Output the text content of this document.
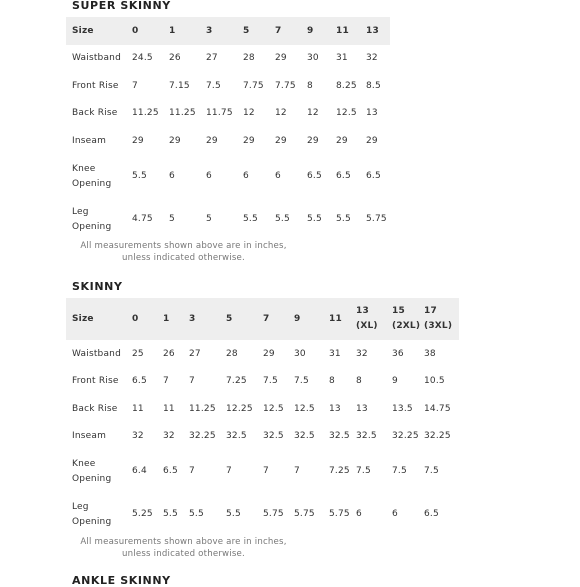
SUPER SKINNY
Size	0	1	3	5	7	9	11	13
Waistband	24.5	26	27	28	29	30	31	32
Front Rise	7	7.15	7.5	7.75	7.75	8	8.25	8.5
Back Rise	11.25	11.25	11.75	12	12	12	12.5	13
Inseam	29	29	29	29	29	29	29	29
Knee Opening	5.5	6	6	6	6	6.5	6.5	6.5
Leg Opening	4.75	5	5	5.5	5.5	5.5	5.5	5.75
All measurements shown above are in inches,
unless indicated otherwise.
SKINNY
Size	0	1	3	5	7	9	11	13 (XL)	15 (2XL)	17 (3XL)
Waistband	25	26	27	28	29	30	31	32	36	38
Front Rise	6.5	7	7	7.25	7.5	7.5	8	8	9	10.5
Back Rise	11	11	11.25	12.25	12.5	12.5	13	13	13.5	14.75
Inseam	32	32	32.25	32.5	32.5	32.5	32.5	32.5	32.25	32.25
Knee Opening	6.4	6.5	7	7	7	7	7.25	7.5	7.5	7.5
Leg Opening	5.25	5.5	5.5	5.5	5.75	5.75	5.75	6	6	6.5
All measurements shown above are in inches,
unless indicated otherwise.
ANKLE SKINNY
